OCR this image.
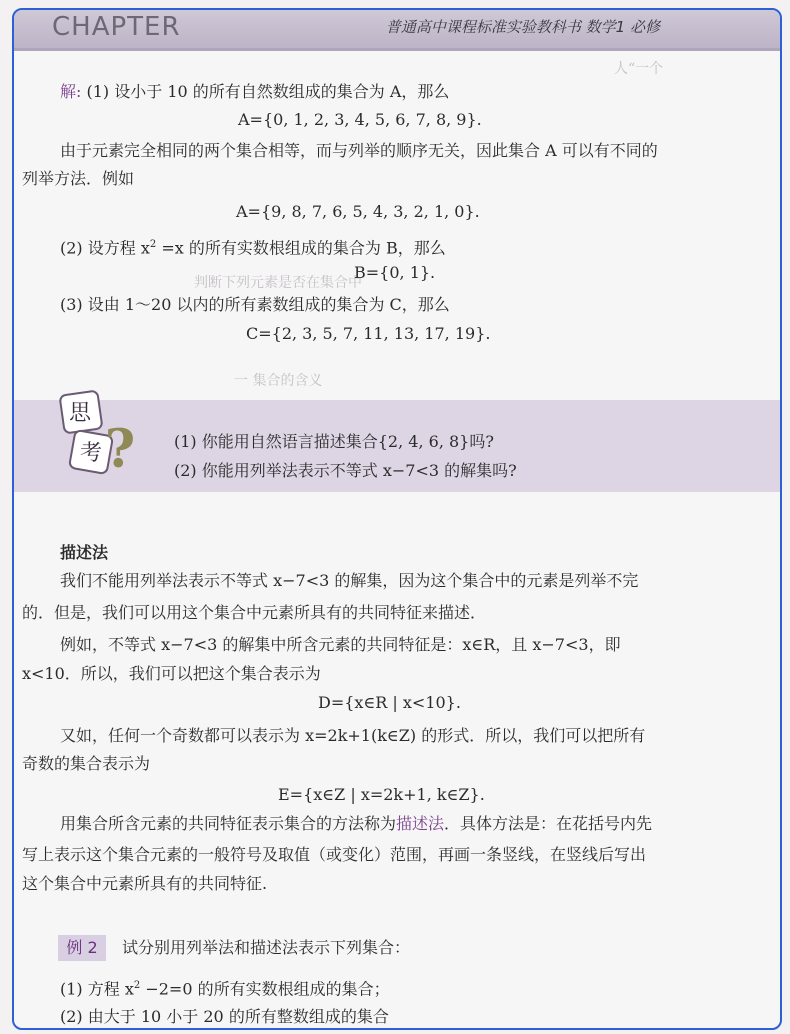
CHAPTER	普通高中课程标准实验教科书 数学1 必修
人“一个
判断下列元素是否在集合中
一 集合的含义
解: (1) 设小于 10 的所有自然数组成的集合为 A，那么
A={0, 1, 2, 3, 4, 5, 6, 7, 8, 9}.
由于元素完全相同的两个集合相等，而与列举的顺序无关，因此集合 A 可以有不同的
列举方法．例如
A={9, 8, 7, 6, 5, 4, 3, 2, 1, 0}.
(2) 设方程 $x^2 =x$ 的所有实数根组成的集合为 B，那么
B={0, 1}.
(3) 设由 1～20 以内的所有素数组成的集合为 C，那么
C={2, 3, 5, 7, 11, 13, 17, 19}.
思
考 ? (1) 你能用自然语言描述集合{2, 4, 6, 8}吗?
(2) 你能用列举法表示不等式 x−7<3 的解集吗?
描述法
我们不能用列举法表示不等式 x−7<3 的解集，因为这个集合中的元素是列举不完
的．但是，我们可以用这个集合中元素所具有的共同特征来描述．
例如，不等式 x−7<3 的解集中所含元素的共同特征是：x∈R，且 x−7<3，即
x<10．所以，我们可以把这个集合表示为
D={x∈R | x<10}.
又如，任何一个奇数都可以表示为 x=2k+1(k∈Z) 的形式．所以，我们可以把所有
奇数的集合表示为
E={x∈Z | x=2k+1, k∈Z}.
用集合所含元素的共同特征表示集合的方法称为描述法．具体方法是：在花括号内先
写上表示这个集合元素的一般符号及取值（或变化）范围，再画一条竖线，在竖线后写出
这个集合中元素所具有的共同特征.
例 2	试分别用列举法和描述法表示下列集合：
(1) 方程 $x^2 -2=0$ 的所有实数根组成的集合；
(2) 由大于 10 小于 20 的所有整数组成的集合
